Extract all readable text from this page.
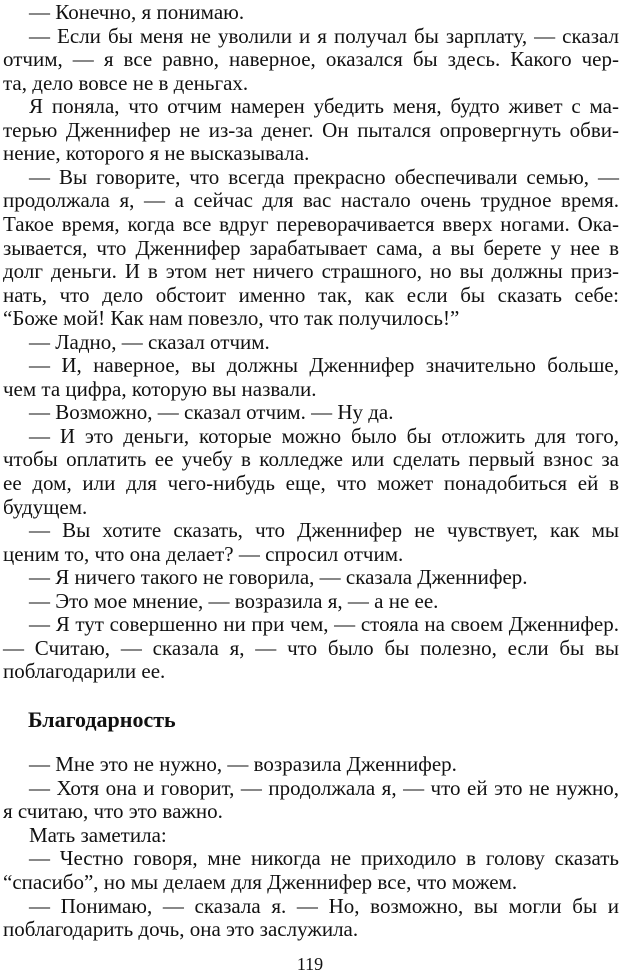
— Конечно, я понимаю.
— Если бы меня не уволили и я получал бы зарплату, — сказал
отчим, — я все равно, наверное, оказался бы здесь. Какого чер-
та, дело вовсе не в деньгах.
Я поняла, что отчим намерен убедить меня, будто живет с ма-
терью Дженнифер не из-за денег. Он пытался опровергнуть обви-
нение, которого я не высказывала.
— Вы говорите, что всегда прекрасно обеспечивали семью, —
продолжала я, — а сейчас для вас настало очень трудное время.
Такое время, когда все вдруг переворачивается вверх ногами. Ока-
зывается, что Дженнифер зарабатывает сама, а вы берете у нее в
долг деньги. И в этом нет ничего страшного, но вы должны приз-
нать, что дело обстоит именно так, как если бы сказать себе:
“Боже мой! Как нам повезло, что так получилось!”
— Ладно, — сказал отчим.
— И, наверное, вы должны Дженнифер значительно больше,
чем та цифра, которую вы назвали.
— Возможно, — сказал отчим. — Ну да.
— И это деньги, которые можно было бы отложить для того,
чтобы оплатить ее учебу в колледже или сделать первый взнос за
ее дом, или для чего-нибудь еще, что может понадобиться ей в
будущем.
— Вы хотите сказать, что Дженнифер не чувствует, как мы
ценим то, что она делает? — спросил отчим.
— Я ничего такого не говорила, — сказала Дженнифер.
— Это мое мнение, — возразила я, — а не ее.
— Я тут совершенно ни при чем, — стояла на своем Дженнифер.
— Считаю, — сказала я, — что было бы полезно, если бы вы
поблагодарили ее.
Благодарность
— Мне это не нужно, — возразила Дженнифер.
— Хотя она и говорит, — продолжала я, — что ей это не нужно,
я считаю, что это важно.
Мать заметила:
— Честно говоря, мне никогда не приходило в голову сказать
“спасибо”, но мы делаем для Дженнифер все, что можем.
— Понимаю, — сказала я. — Но, возможно, вы могли бы и
поблагодарить дочь, она это заслужила.
119
